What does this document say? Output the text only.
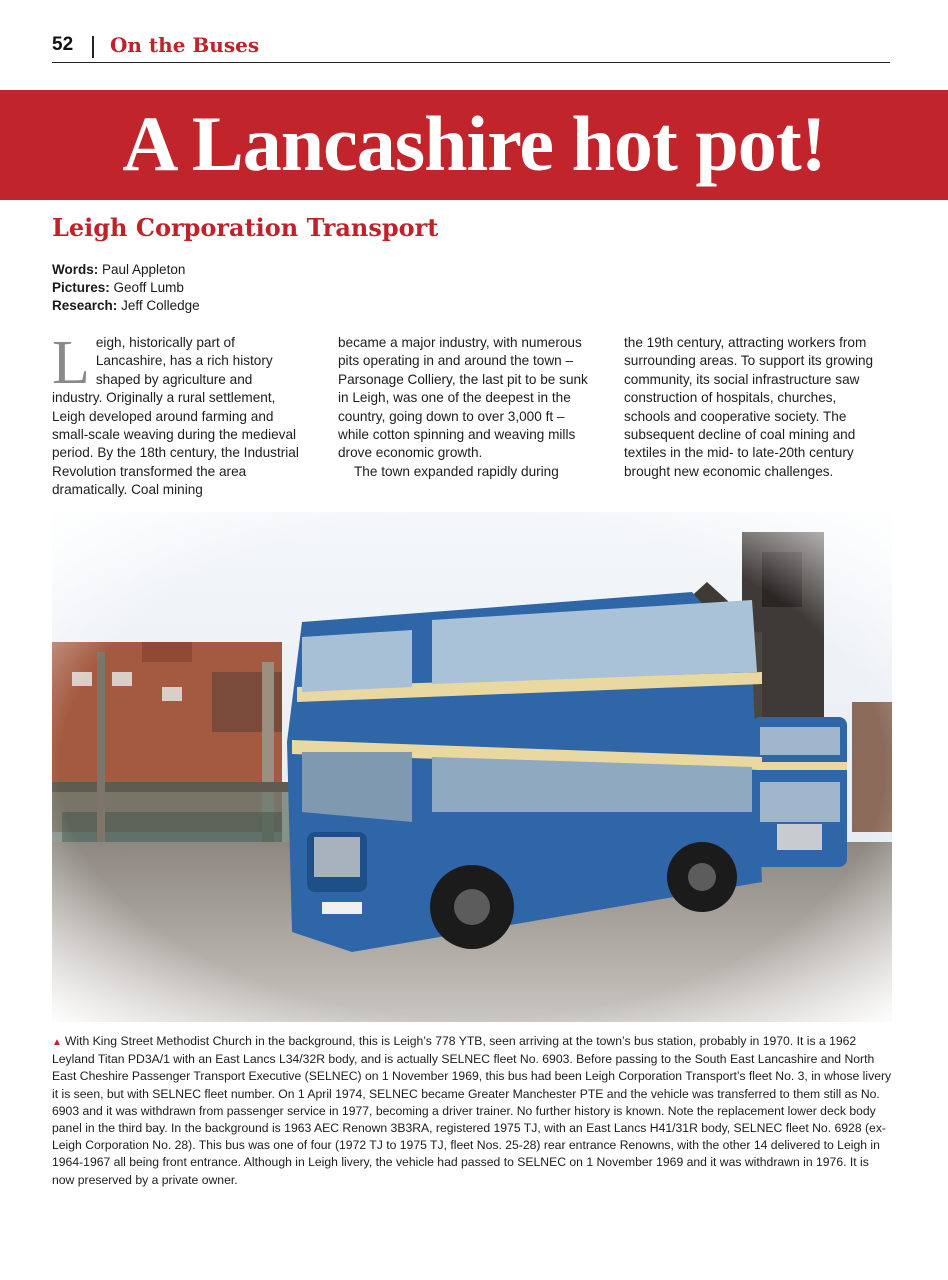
52 On the Buses
A Lancashire hot pot!
Leigh Corporation Transport
Words: Paul Appleton
Pictures: Geoff Lumb
Research: Jeff Colledge

Leigh, historically part of Lancashire, has a rich history shaped by agriculture and industry. Originally a rural settlement, Leigh developed around farming and small-scale weaving during the medieval period. By the 18th century, the Industrial Revolution transformed the area dramatically. Coal mining

became a major industry, with numerous pits operating in and around the town – Parsonage Colliery, the last pit to be sunk in Leigh, was one of the deepest in the country, going down to over 3,000 ft – while cotton spinning and weaving mills drove economic growth.

The town expanded rapidly during

the 19th century, attracting workers from surrounding areas. To support its growing community, its social infrastructure saw construction of hospitals, churches, schools and cooperative society. The subsequent decline of coal mining and textiles in the mid- to late-20th century brought new economic challenges.

▲ With King Street Methodist Church in the background, this is Leigh’s 778 YTB, seen arriving at the town’s bus station, probably in 1970. It is a 1962 Leyland Titan PD3A/1 with an East Lancs L34/32R body, and is actually SELNEC fleet No. 6903. Before passing to the South East Lancashire and North East Cheshire Passenger Transport Executive (SELNEC) on 1 November 1969, this bus had been Leigh Corporation Transport’s fleet No. 3, in whose livery it is seen, but with SELNEC fleet number. On 1 April 1974, SELNEC became Greater Manchester PTE and the vehicle was transferred to them still as No. 6903 and it was withdrawn from passenger service in 1977, becoming a driver trainer. No further history is known. Note the replacement lower deck body panel in the third bay. In the background is 1963 AEC Renown 3B3RA, registered 1975 TJ, with an East Lancs H41/31R body, SELNEC fleet No. 6928 (ex-Leigh Corporation No. 28). This bus was one of four (1972 TJ to 1975 TJ, fleet Nos. 25-28) rear entrance Renowns, with the other 14 delivered to Leigh in 1964-1967 all being front entrance. Although in Leigh livery, the vehicle had passed to SELNEC on 1 November 1969 and it was withdrawn in 1976. It is now preserved by a private owner.
